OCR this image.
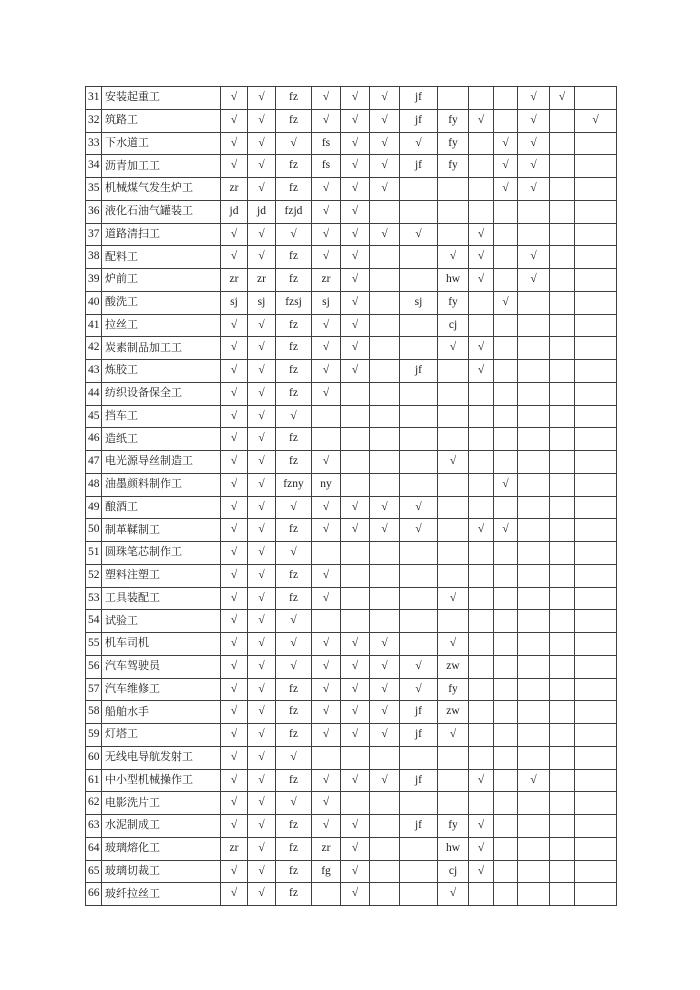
31	安装起重工	√	√	fz	√	√	√	jf				√	√	
32	筑路工	√	√	fz	√	√	√	jf	fy	√		√		√
33	下水道工	√	√	√	fs	√	√	√	fy		√	√		
34	沥青加工工	√	√	fz	fs	√	√	jf	fy		√	√		
35	机械煤气发生炉工	zr	√	fz	√	√	√				√	√		
36	液化石油气罐装工	jd	jd	fzjd	√	√								
37	道路清扫工	√	√	√	√	√	√	√		√				
38	配料工	√	√	fz	√	√			√	√		√		
39	炉前工	zr	zr	fz	zr	√			hw	√		√		
40	酸洗工	sj	sj	fzsj	sj	√		sj	fy		√			
41	拉丝工	√	√	fz	√	√			cj					
42	炭素制品加工工	√	√	fz	√	√			√	√				
43	炼胶工	√	√	fz	√	√		jf		√				
44	纺织设备保全工	√	√	fz	√									
45	挡车工	√	√	√										
46	造纸工	√	√	fz										
47	电光源导丝制造工	√	√	fz	√				√					
48	油墨颜料制作工	√	√	fzny	ny						√			
49	酿酒工	√	√	√	√	√	√	√						
50	制革鞣制工	√	√	fz	√	√	√	√		√	√			
51	圆珠笔芯制作工	√	√	√										
52	塑料注塑工	√	√	fz	√									
53	工具装配工	√	√	fz	√				√					
54	试验工	√	√	√										
55	机车司机	√	√	√	√	√	√		√					
56	汽车驾驶员	√	√	√	√	√	√	√	zw					
57	汽车维修工	√	√	fz	√	√	√	√	fy					
58	船舶水手	√	√	fz	√	√	√	jf	zw					
59	灯塔工	√	√	fz	√	√	√	jf	√					
60	无线电导航发射工	√	√	√										
61	中小型机械操作工	√	√	fz	√	√	√	jf		√		√		
62	电影洗片工	√	√	√	√									
63	水泥制成工	√	√	fz	√	√		jf	fy	√				
64	玻璃熔化工	zr	√	fz	zr	√			hw	√				
65	玻璃切裁工	√	√	fz	fg	√			cj	√				
66	玻纤拉丝工	√	√	fz		√			√					
